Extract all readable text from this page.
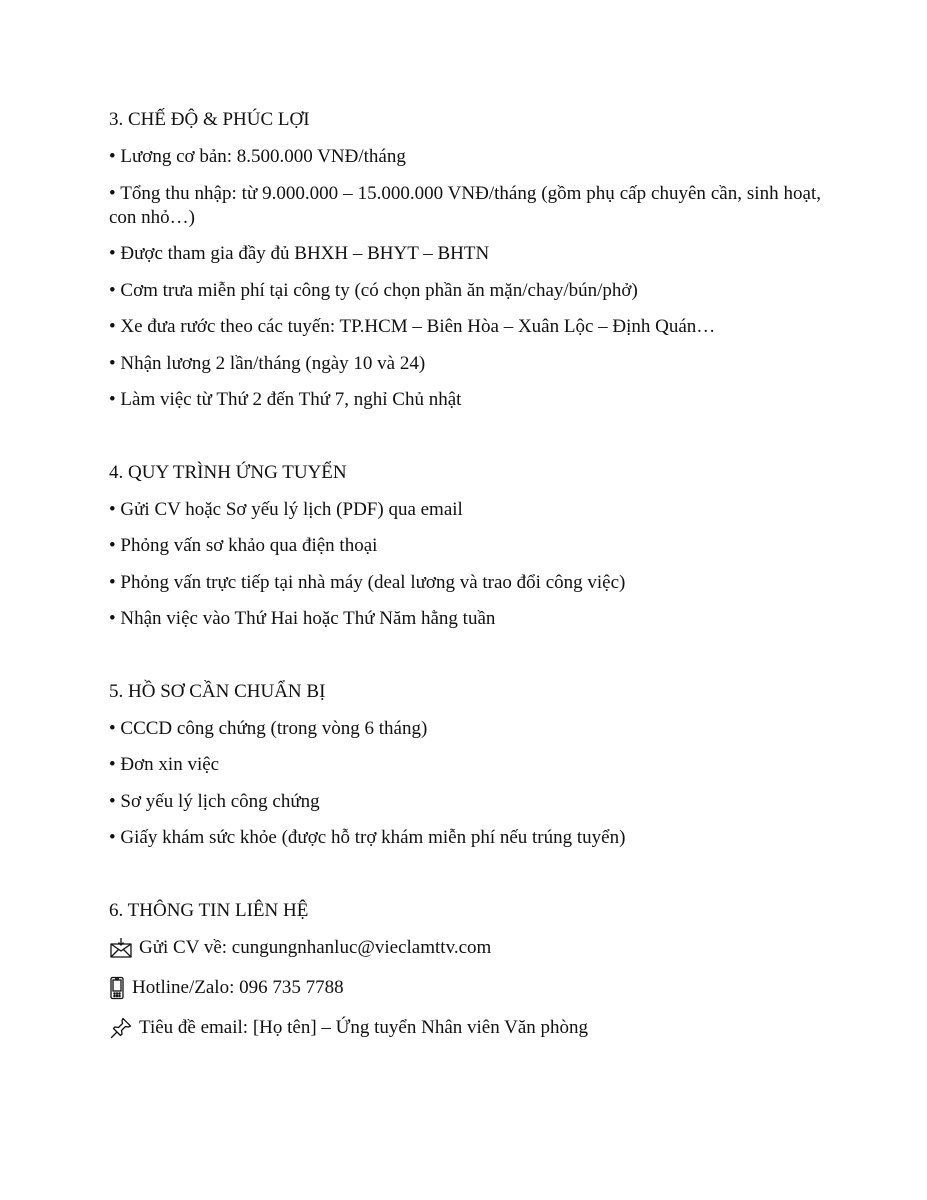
3. CHẾ ĐỘ & PHÚC LỢI

• Lương cơ bản: 8.500.000 VNĐ/tháng

• Tổng thu nhập: từ 9.000.000 – 15.000.000 VNĐ/tháng (gồm phụ cấp chuyên cần, sinh hoạt, con nhỏ…)

• Được tham gia đầy đủ BHXH – BHYT – BHTN

• Cơm trưa miễn phí tại công ty (có chọn phần ăn mặn/chay/bún/phở)

• Xe đưa rước theo các tuyến: TP.HCM – Biên Hòa – Xuân Lộc – Định Quán…

• Nhận lương 2 lần/tháng (ngày 10 và 24)

• Làm việc từ Thứ 2 đến Thứ 7, nghỉ Chủ nhật

4. QUY TRÌNH ỨNG TUYỂN

• Gửi CV hoặc Sơ yếu lý lịch (PDF) qua email

• Phỏng vấn sơ khảo qua điện thoại

• Phỏng vấn trực tiếp tại nhà máy (deal lương và trao đổi công việc)

• Nhận việc vào Thứ Hai hoặc Thứ Năm hằng tuần

5. HỒ SƠ CẦN CHUẨN BỊ

• CCCD công chứng (trong vòng 6 tháng)

• Đơn xin việc

• Sơ yếu lý lịch công chứng

• Giấy khám sức khỏe (được hỗ trợ khám miễn phí nếu trúng tuyển)

6. THÔNG TIN LIÊN HỆ

Gửi CV về: cungungnhanluc@vieclamttv.com
Hotline/Zalo: 096 735 7788
Tiêu đề email: [Họ tên] – Ứng tuyển Nhân viên Văn phòng
